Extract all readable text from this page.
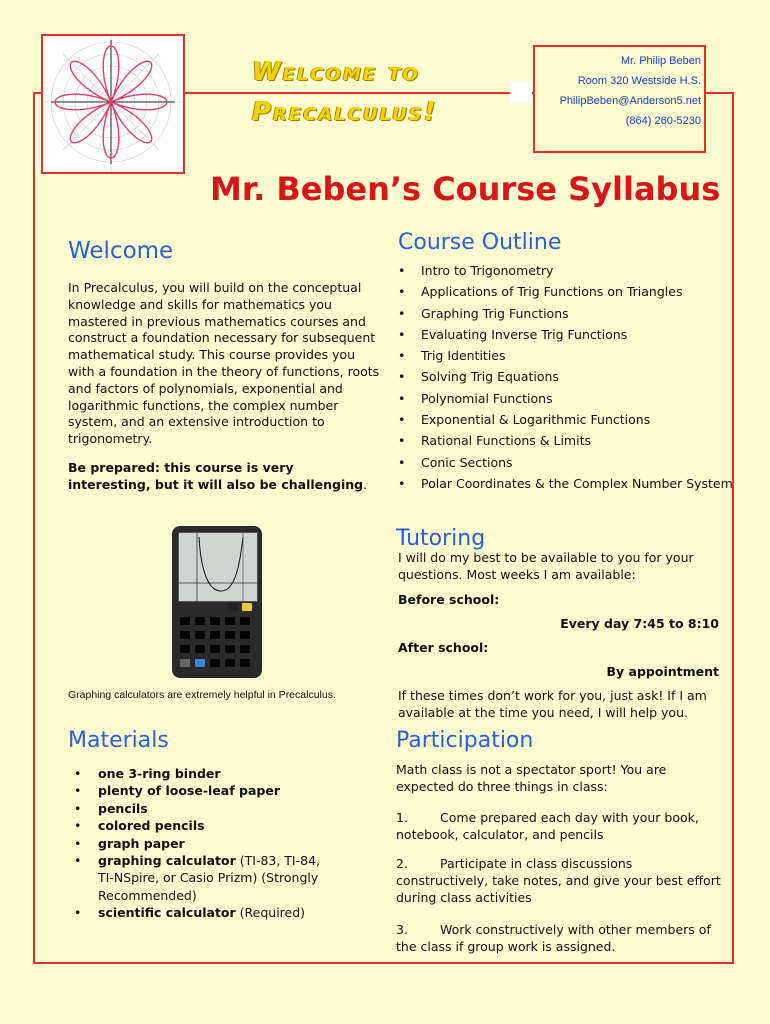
Welcome to
Precalculus!
Mr. Philip Beben
Room 320 Westside H.S.
PhilipBeben@Anderson5.net
(864) 260-5230
Mr. Beben’s Course Syllabus
Welcome

In Precalculus, you will build on the conceptual knowledge and skills for mathematics you mastered in previous mathematics courses and construct a foundation necessary for subsequent mathematical study. This course provides you with a foundation in the theory of functions, roots and factors of polynomials, exponential and logarithmic functions, the complex number system, and an extensive introduction to trigonometry.

Be prepared: this course is very interesting, but it will also be challenging.

Course Outline
• Intro to Trigonometry
• Applications of Trig Functions on Triangles
• Graphing Trig Functions
• Evaluating Inverse Trig Functions
• Trig Identities
• Solving Trig Equations
• Polynomial Functions
• Exponential & Logarithmic Functions
• Rational Functions & Limits
• Conic Sections
• Polar Coordinates & the Complex Number System
Graphing calculators are extremely helpful in Precalculus.
Tutoring

I will do my best to be available to you for your questions. Most weeks I am available:

Before school:
Every day 7:45 to 8:10
After school:
By appointment

If these times don’t work for you, just ask! If I am available at the time you need, I will help you.

Materials
• one 3-ring binder
• plenty of loose-leaf paper
• pencils
• colored pencils
• graph paper
• graphing calculator (TI-83, TI-84, TI-NSpire, or Casio Prizm) (Strongly Recommended)
• scientific calculator (Required)
Participation

Math class is not a spectator sport! You are expected do three things in class:

1.	Come prepared each day with your book, notebook, calculator, and pencils

2.	Participate in class discussions constructively, take notes, and give your best effort during class activities

3.	Work constructively with other members of the class if group work is assigned.
